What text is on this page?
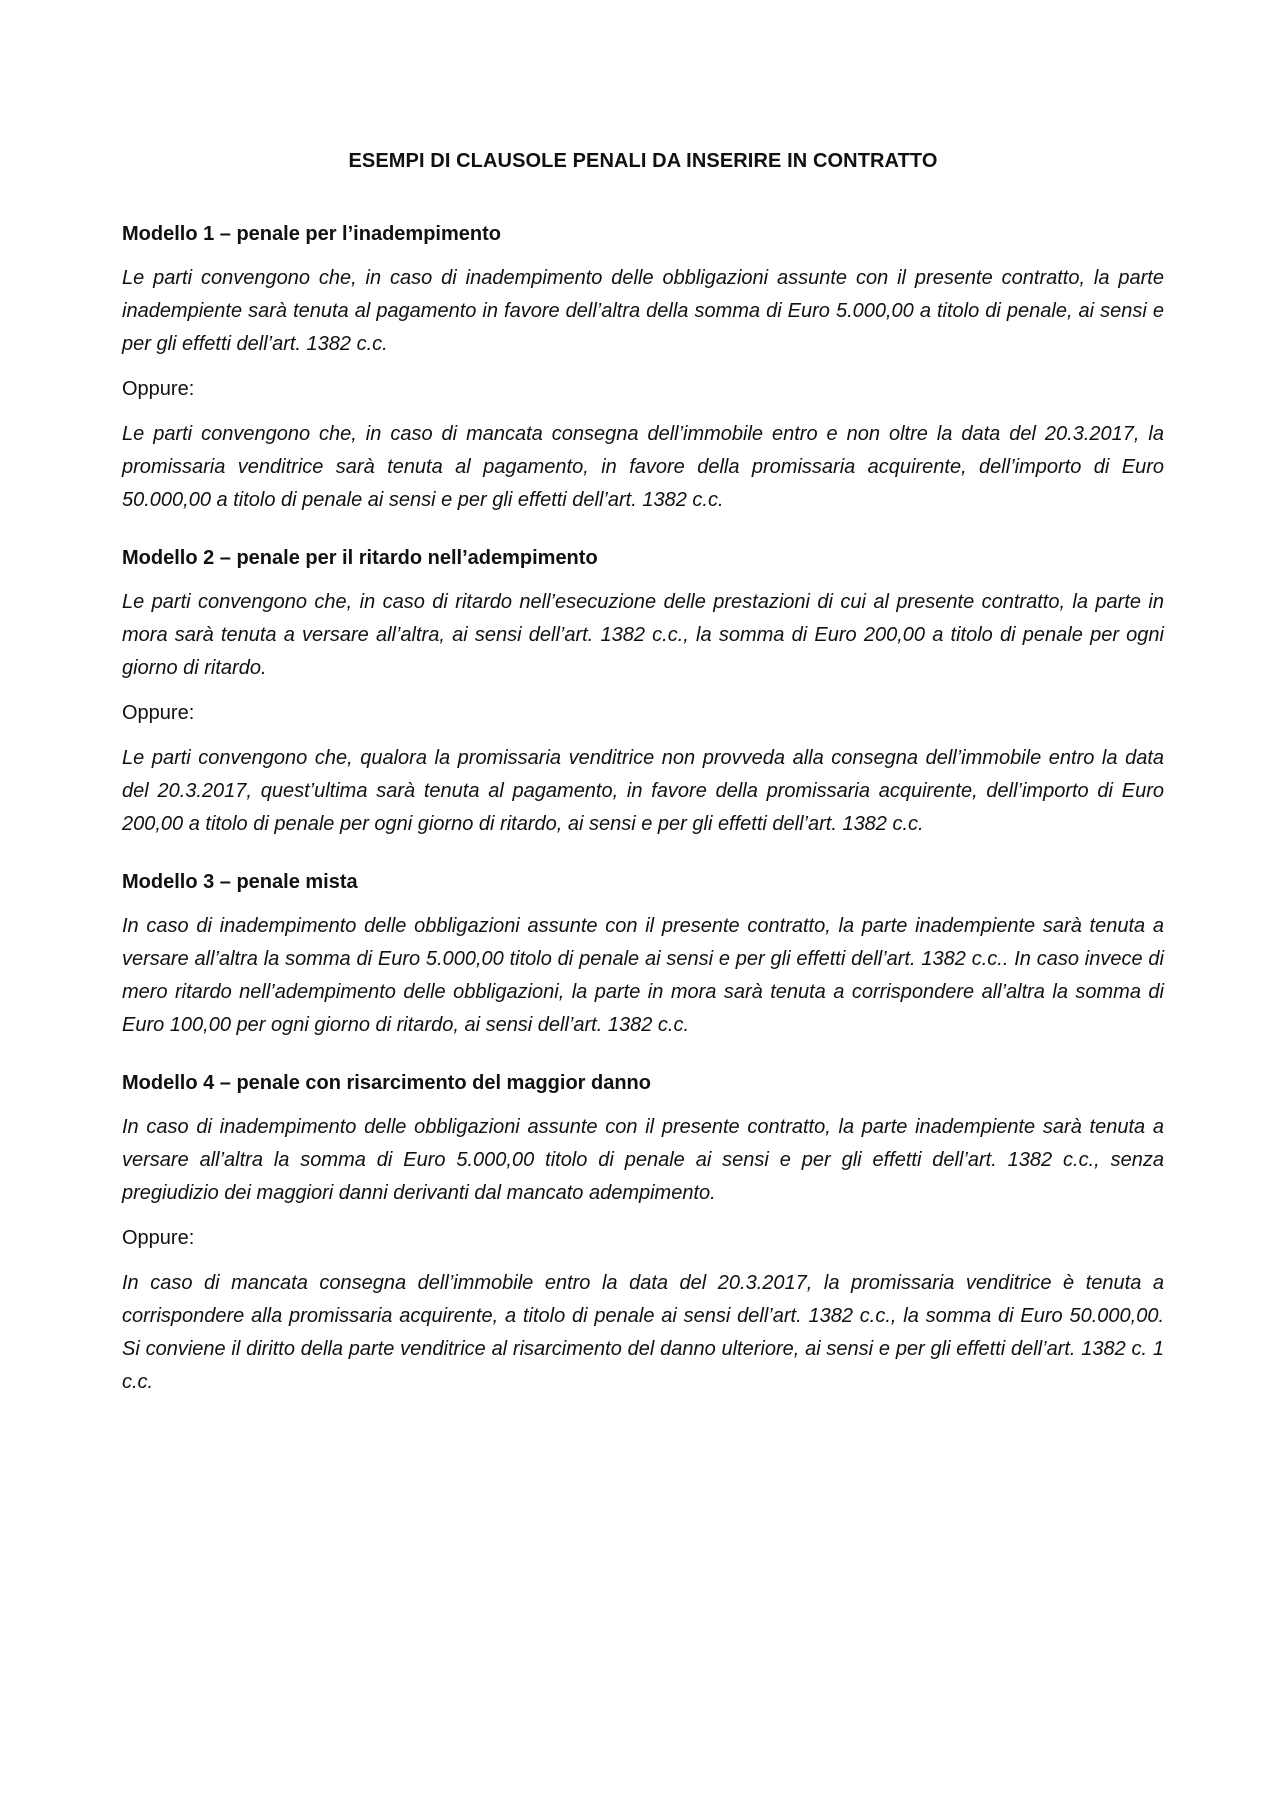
ESEMPI DI CLAUSOLE PENALI DA INSERIRE IN CONTRATTO
Modello 1 – penale per l’inadempimento

Le parti convengono che, in caso di inadempimento delle obbligazioni assunte con il presente contratto, la parte inadempiente sarà tenuta al pagamento in favore dell’altra della somma di Euro 5.000,00 a titolo di penale, ai sensi e per gli effetti dell’art. 1382 c.c.

Oppure:

Le parti convengono che, in caso di mancata consegna dell’immobile entro e non oltre la data del 20.3.2017, la promissaria venditrice sarà tenuta al pagamento, in favore della promissaria acquirente, dell’importo di Euro 50.000,00 a titolo di penale ai sensi e per gli effetti dell’art. 1382 c.c.

Modello 2 – penale per il ritardo nell’adempimento

Le parti convengono che, in caso di ritardo nell’esecuzione delle prestazioni di cui al presente contratto, la parte in mora sarà tenuta a versare all’altra, ai sensi dell’art. 1382 c.c., la somma di Euro 200,00 a titolo di penale per ogni giorno di ritardo.

Oppure:

Le parti convengono che, qualora la promissaria venditrice non provveda alla consegna dell’immobile entro la data del 20.3.2017, quest’ultima sarà tenuta al pagamento, in favore della promissaria acquirente, dell’importo di Euro 200,00 a titolo di penale per ogni giorno di ritardo, ai sensi e per gli effetti dell’art. 1382 c.c.

Modello 3 – penale mista

In caso di inadempimento delle obbligazioni assunte con il presente contratto, la parte inadempiente sarà tenuta a versare all’altra la somma di Euro 5.000,00 titolo di penale ai sensi e per gli effetti dell’art. 1382 c.c.. In caso invece di mero ritardo nell’adempimento delle obbligazioni, la parte in mora sarà tenuta a corrispondere all’altra la somma di Euro 100,00 per ogni giorno di ritardo, ai sensi dell’art. 1382 c.c.

Modello 4 – penale con risarcimento del maggior danno

In caso di inadempimento delle obbligazioni assunte con il presente contratto, la parte inadempiente sarà tenuta a versare all’altra la somma di Euro 5.000,00 titolo di penale ai sensi e per gli effetti dell’art. 1382 c.c., senza pregiudizio dei maggiori danni derivanti dal mancato adempimento.

Oppure:

In caso di mancata consegna dell’immobile entro la data del 20.3.2017, la promissaria venditrice è tenuta a corrispondere alla promissaria acquirente, a titolo di penale ai sensi dell’art. 1382 c.c., la somma di Euro 50.000,00. Si conviene il diritto della parte venditrice al risarcimento del danno ulteriore, ai sensi e per gli effetti dell’art. 1382 c. 1 c.c.
